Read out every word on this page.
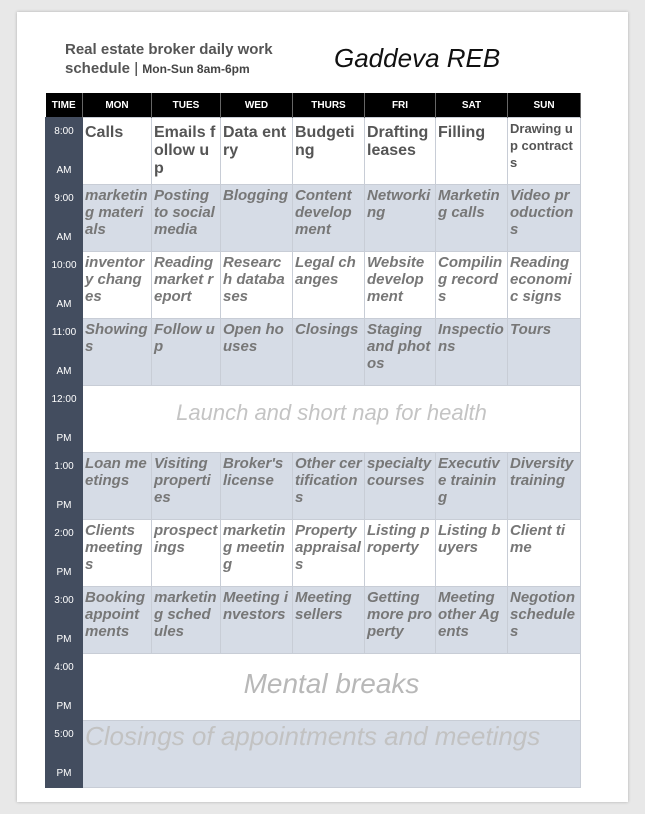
Real estate broker daily work schedule | Mon-Sun 8am-6pm	Gaddeva REB
TIME	MON	TUES	WED	THURS	FRI	SAT	SUN

8:00
AM	Calls	Emails follow up	Data entry	Budgeting	Drafting leases	Filling	Drawing up contracts

9:00
AM	marketing materials	Posting to social media	Blogging	Content development	Networking	Marketing calls	Video productions

10:00
AM	inventory changes	Reading market report	Research databases	Legal changes	Website development	Compiling records	Reading economic signs

11:00
AM	Showings	Follow up	Open houses	Closings	Staging and photos	Inspections	Tours

12:00
PM	Launch and short nap for health						

1:00
PM	Loan meetings	Visiting properties	Broker's license	Other certifications	specialty courses	Executive training	Diversity training

2:00
PM	Clients meetings	prospectings	marketing meeting	Property appraisals	Listing property	Listing buyers	Client time

3:00
PM	Booking appointments	marketing schedules	Meeting investors	Meeting sellers	Getting more property	Meeting other Agents	Negotion schedules

4:00
PM	Mental breaks						

5:00
PM	Closings of appointments and meetings						
